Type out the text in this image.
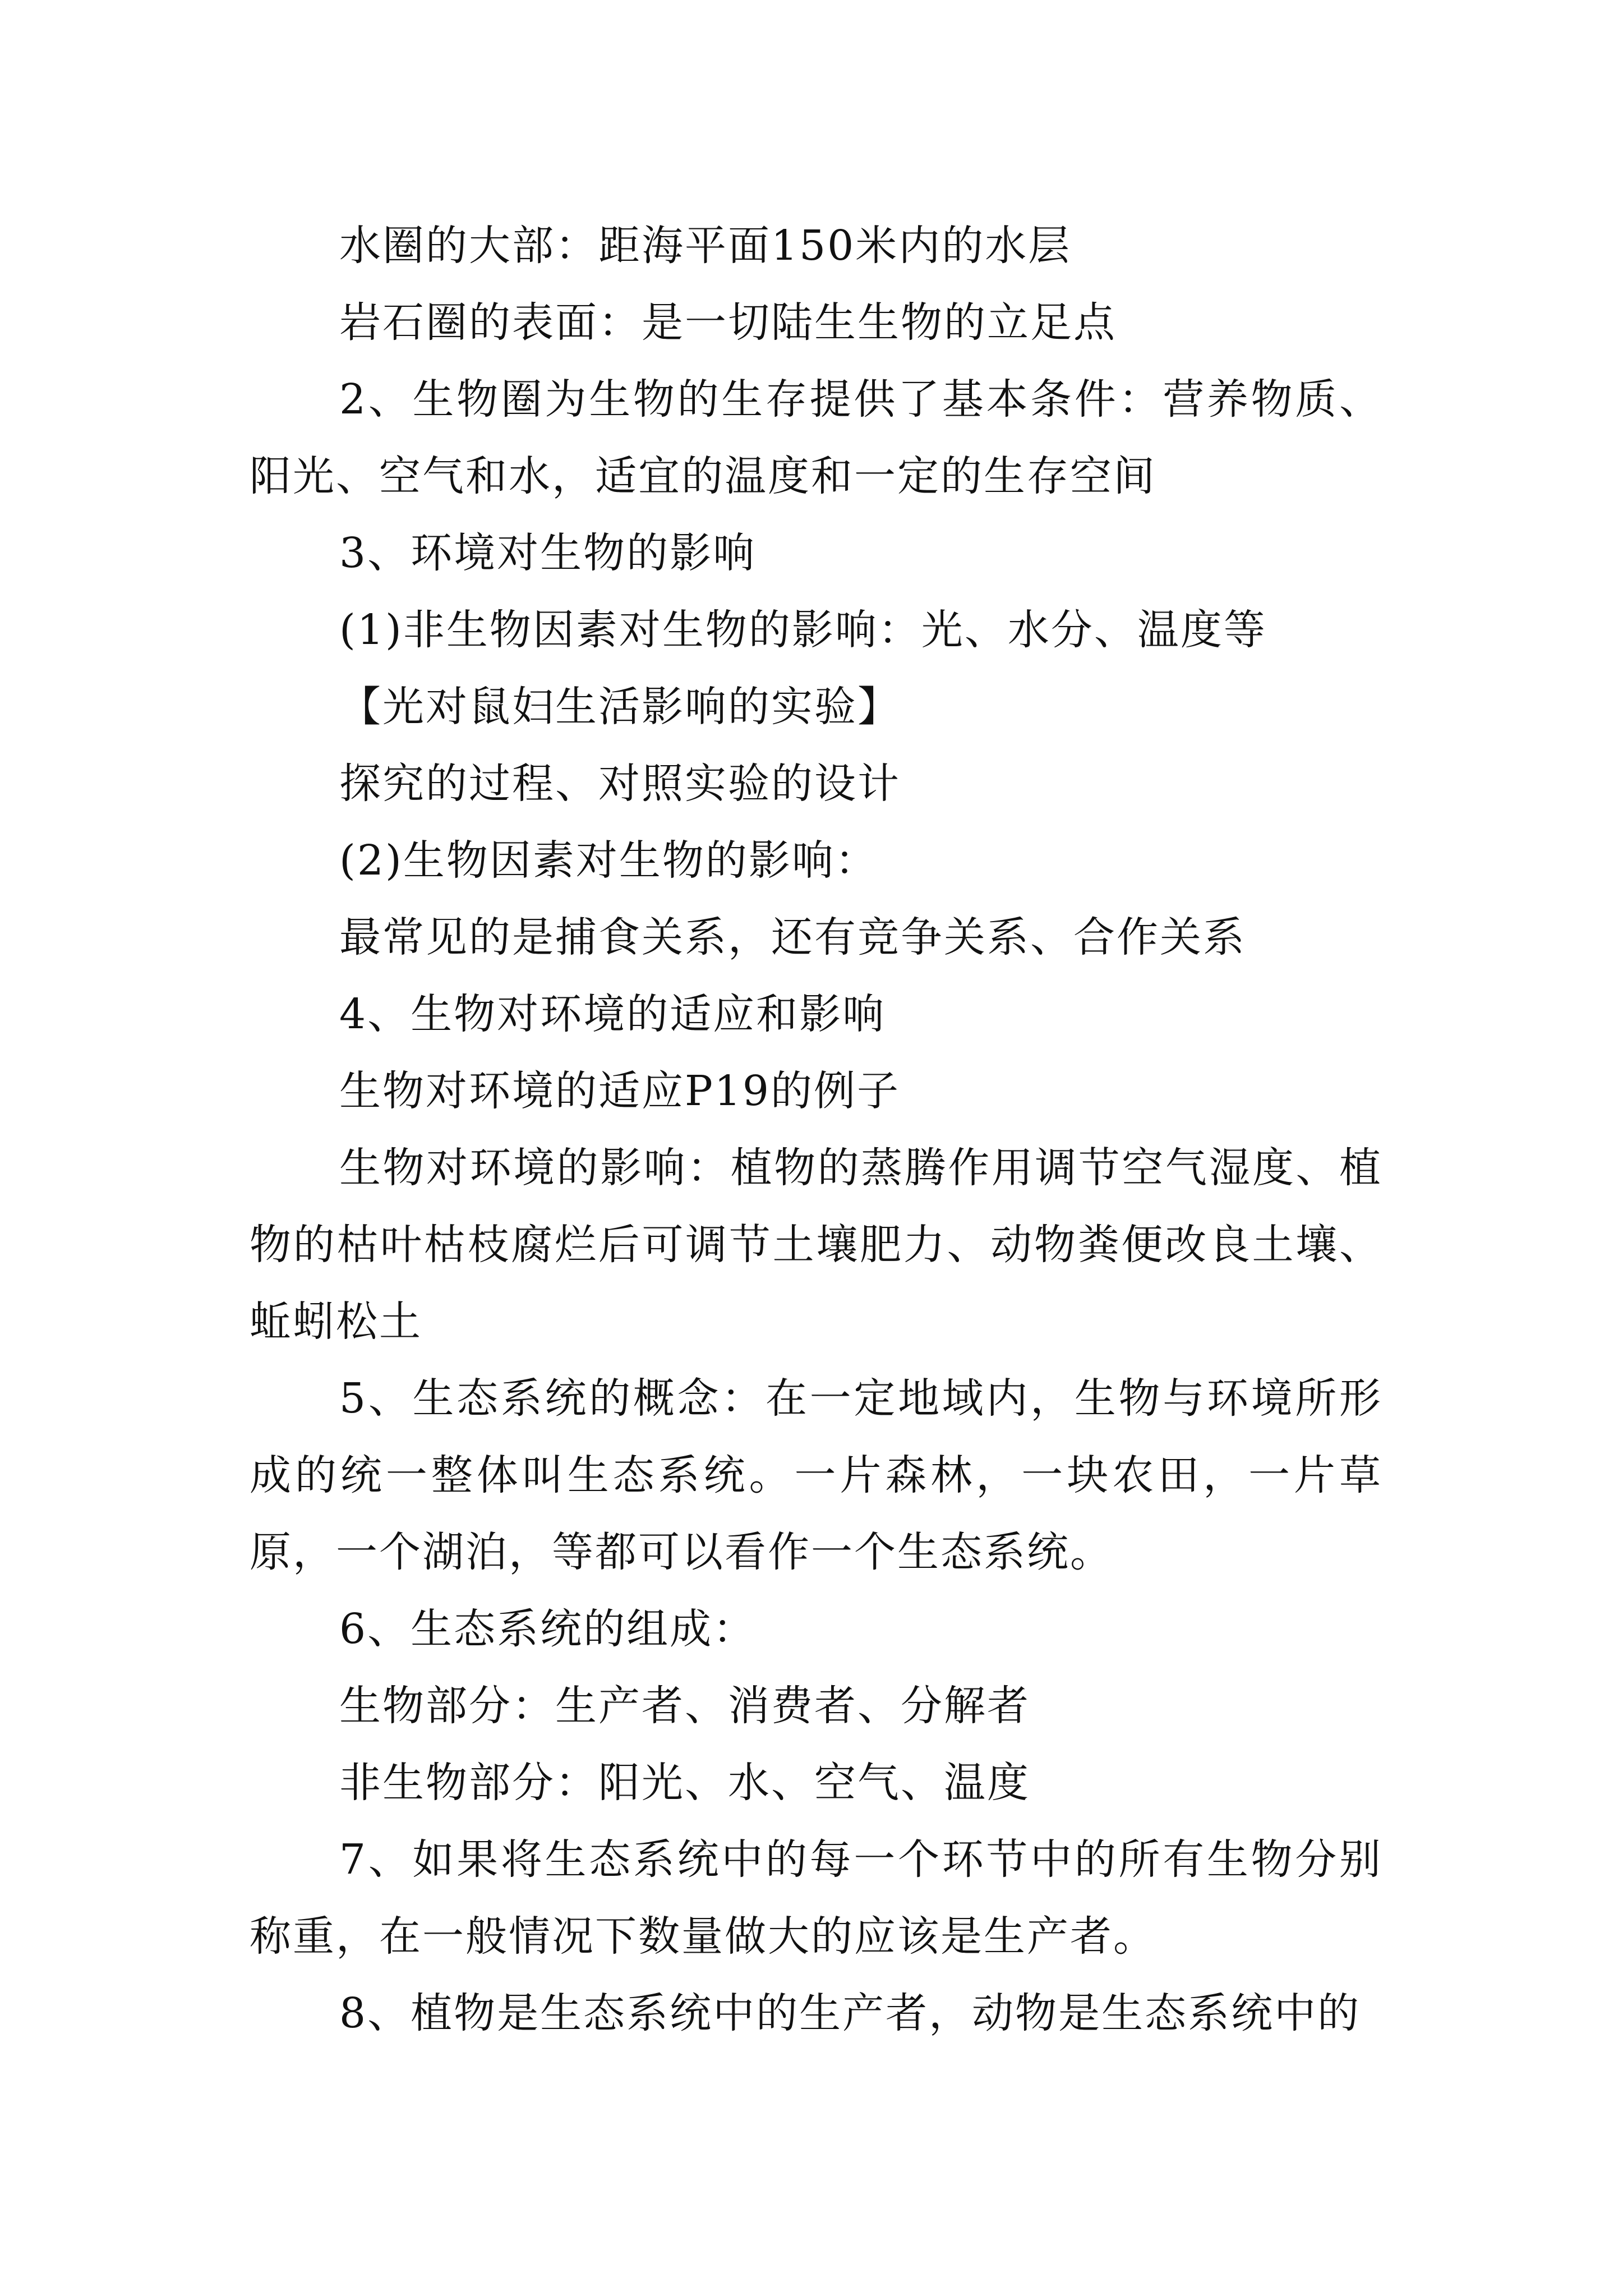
水圈的大部：距海平面150米内的水层

岩石圈的表面：是一切陆生生物的立足点

2、生物圈为生物的生存提供了基本条件：营养物质、阳光、空气和水，适宜的温度和一定的生存空间

3、环境对生物的影响

(1)非生物因素对生物的影响：光、水分、温度等

【光对鼠妇生活影响的实验】

探究的过程、对照实验的设计

(2)生物因素对生物的影响：

最常见的是捕食关系，还有竞争关系、合作关系

4、生物对环境的适应和影响

生物对环境的适应P19的例子

生物对环境的影响：植物的蒸腾作用调节空气湿度、植物的枯叶枯枝腐烂后可调节土壤肥力、动物粪便改良土壤、蚯蚓松土

5、生态系统的概念：在一定地域内，生物与环境所形成的统一整体叫生态系统。一片森林，一块农田，一片草原，一个湖泊，等都可以看作一个生态系统。

6、生态系统的组成：

生物部分：生产者、消费者、分解者

非生物部分：阳光、水、空气、温度

7、如果将生态系统中的每一个环节中的所有生物分别称重，在一般情况下数量做大的应该是生产者。

8、植物是生态系统中的生产者，动物是生态系统中的
